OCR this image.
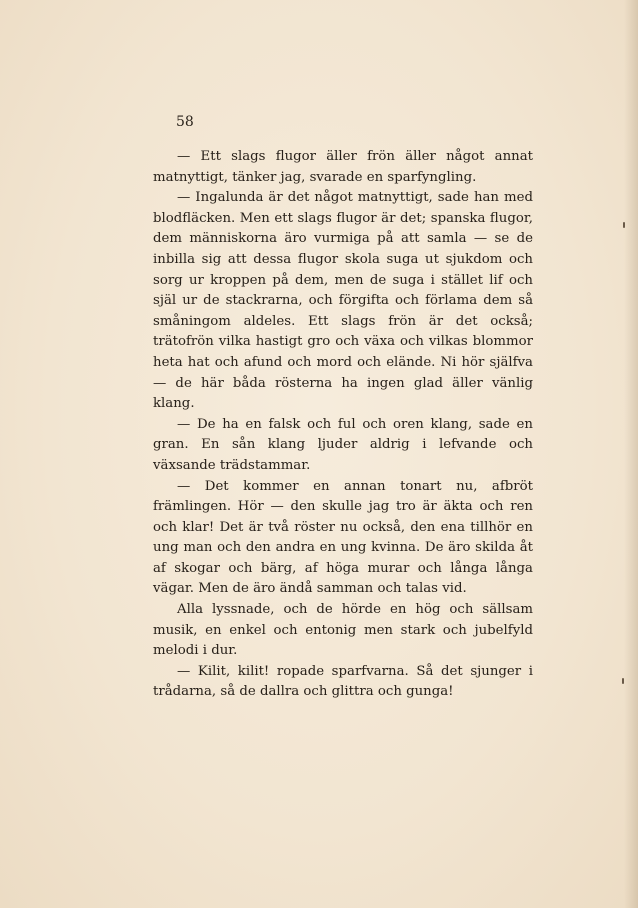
58

— Ett slags flugor äller frön äller något annat matnyttigt, tänker jag, svarade en sparfyngling.

— Ingalunda är det något matnyttigt, sade han med blodfläcken. Men ett slags flugor är det; spanska flugor, dem människorna äro vurmiga på att samla — se de inbilla sig att dessa flugor skola suga ut sjukdom och sorg ur kroppen på dem, men de suga i stället lif och själ ur de stackrarna, och förgifta och förlama dem så småningom aldeles. Ett slags frön är det också; trätofrön vilka hastigt gro och växa och vilkas blommor heta hat och afund och mord och elände. Ni hör själfva — de här båda rösterna ha ingen glad äller vänlig klang.

— De ha en falsk och ful och oren klang, sade en gran. En sån klang ljuder aldrig i lefvande och växsande trädstammar.

— Det kommer en annan tonart nu, afbröt främlingen. Hör — den skulle jag tro är äkta och ren och klar! Det är två röster nu också, den ena tillhör en ung man och den andra en ung kvinna. De äro skilda åt af skogar och bärg, af höga murar och långa långa vägar. Men de äro ändå samman och talas vid.

Alla lyssnade, och de hörde en hög och sällsam musik, en enkel och entonig men stark och jubelfyld melodi i dur.

— Kilit, kilit! ropade sparfvarna. Så det sjunger i trådarna, så de dallra och glittra och gunga!
